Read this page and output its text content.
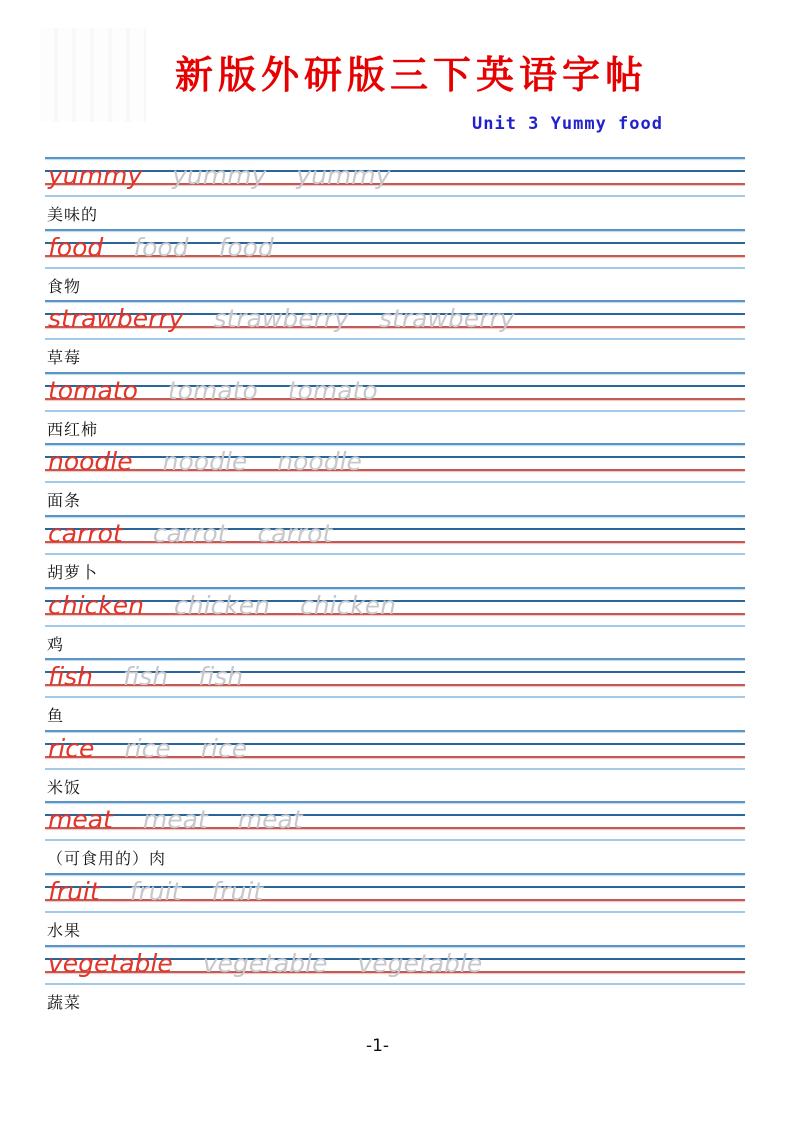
新版外研版三下英语字帖
Unit 3 Yummy food
yummy yummy yummy
美味的
food food food
食物
strawberry strawberry strawberry
草莓
tomato tomato tomato
西红柿
noodle noodle noodle
面条
carrot carrot carrot
胡萝卜
chicken chicken chicken
鸡
fish fish fish
鱼
rice rice rice
米饭
meat meat meat
（可食用的）肉
fruit fruit fruit
水果
vegetable vegetable vegetable
蔬菜
-1-
